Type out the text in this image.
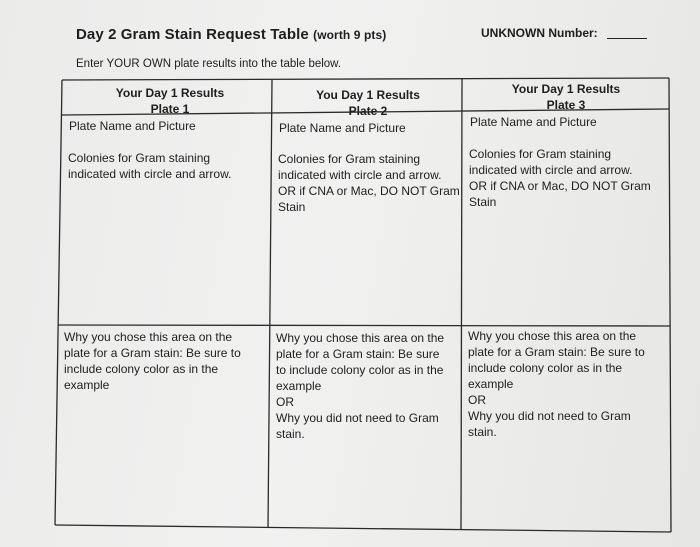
Day 2 Gram Stain Request Table (worth 9 pts)	UNKNOWN Number:
Enter YOUR OWN plate results into the table below.
Your Day 1 Results
Plate 1
Plate Name and Picture
Colonies for Gram staining
indicated with circle and arrow.
Why you chose this area on the
plate for a Gram stain: Be sure to
include colony color as in the
example
You Day 1 Results
Plate 2
Plate Name and Picture
Colonies for Gram staining
indicated with circle and arrow.
OR if CNA or Mac, DO NOT Gram
Stain
Why you chose this area on the
plate for a Gram stain: Be sure
to include colony color as in the
example
OR
Why you did not need to Gram
stain.
Your Day 1 Results
Plate 3
Plate Name and Picture
Colonies for Gram staining
indicated with circle and arrow.
OR if CNA or Mac, DO NOT Gram
Stain
Why you chose this area on the
plate for a Gram stain: Be sure to
include colony color as in the
example
OR
Why you did not need to Gram
stain.
